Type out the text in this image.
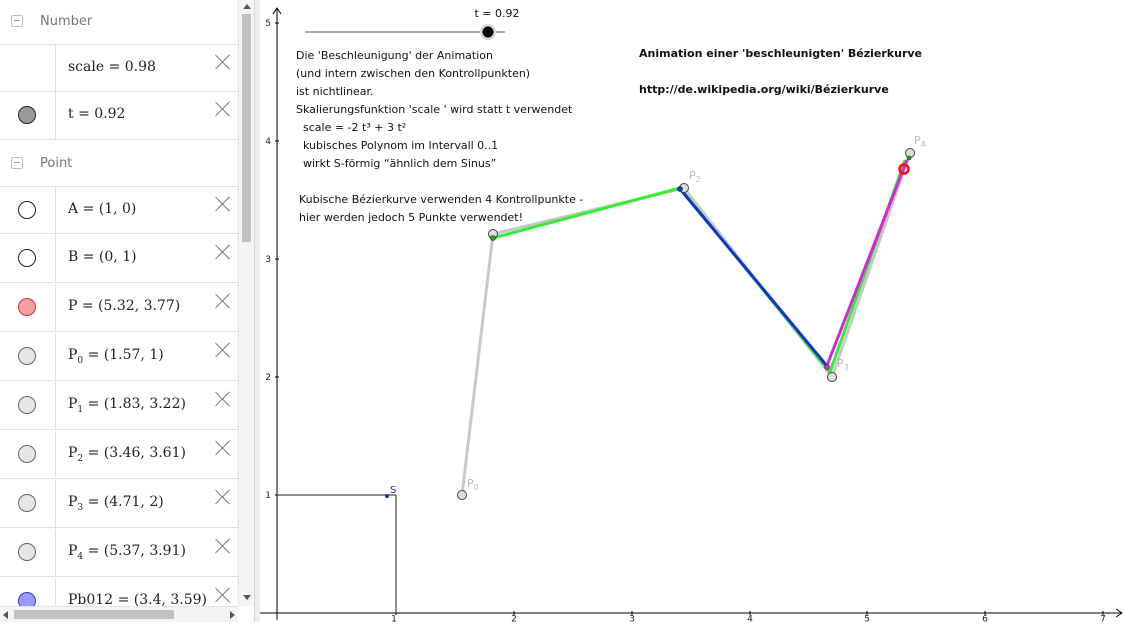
Number
scale = 0.98
t = 0.92
Point
A = (1, 0)
B = (0, 1)
P = (5.32, 3.77)
$P_0 = (1.57$, 1)
$P_1 = (1.83$, 3.22)
$P_2 = (3.46$, 3.61)
$P_3 = (4.71$, 2)
$P_4 = (5.37$, 3.91)
Pb012 = (3.4, 3.59)
1	2	3	4	5	6	7
1
2
3
4
5
S
$P_0$
$P_2$
$P_3$
$P_4$
t = 0.92
Die 'Beschleunigung' der Animation
(und intern zwischen den Kontrollpunkten)
ist nichtlinear.
Skalierungsfunktion 'scale ' wird statt t verwendet
scale = -2 t³ + 3 t²
kubisches Polynom im Intervall 0..1
wirkt S-förmig “ähnlich dem Sinus”
Kubische Bézierkurve verwenden 4 Kontrollpunkte -
hier werden jedoch 5 Punkte verwendet!
Animation einer 'beschleunigten' Bézierkurve
http://de.wikipedia.org/wiki/Bézierkurve
